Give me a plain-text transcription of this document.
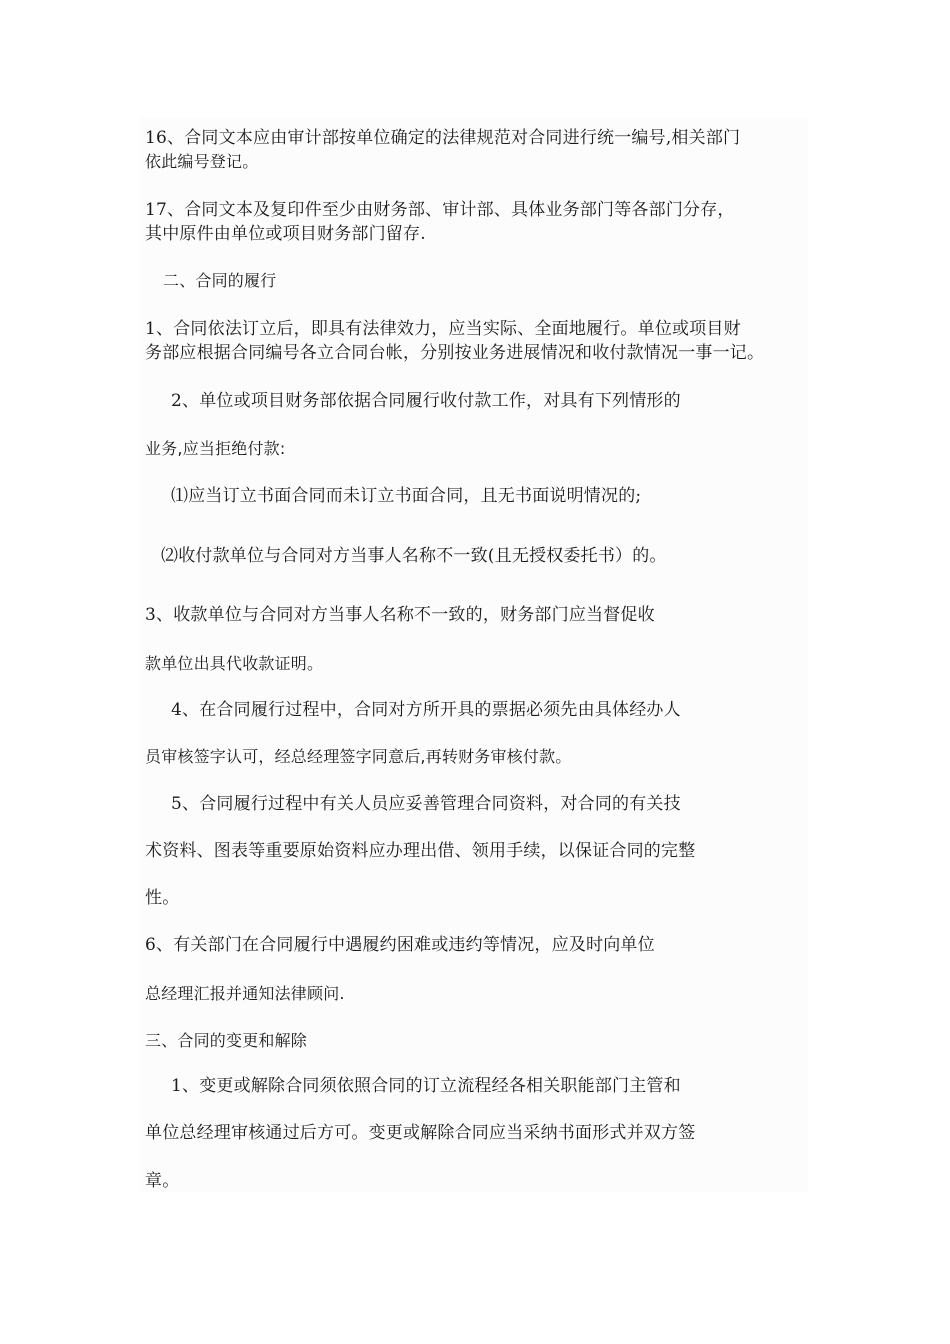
16、合同文本应由审计部按单位确定的法律规范对合同进行统一编号,相关部门
依此编号登记。
17、合同文本及复印件至少由财务部、审计部、具体业务部门等各部门分存，
其中原件由单位或项目财务部门留存.
二、合同的履行
1、合同依法订立后，即具有法律效力，应当实际、全面地履行。单位或项目财
务部应根据合同编号各立合同台帐，分别按业务进展情况和收付款情况一事一记。
2、单位或项目财务部依据合同履行收付款工作，对具有下列情形的
业务,应当拒绝付款:
⑴应当订立书面合同而未订立书面合同，且无书面说明情况的;
⑵收付款单位与合同对方当事人名称不一致(且无授权委托书）的。
3、收款单位与合同对方当事人名称不一致的，财务部门应当督促收
款单位出具代收款证明。
4、在合同履行过程中，合同对方所开具的票据必须先由具体经办人
员审核签字认可，经总经理签字同意后,再转财务审核付款。
5、合同履行过程中有关人员应妥善管理合同资料，对合同的有关技
术资料、图表等重要原始资料应办理出借、领用手续，以保证合同的完整
性。
6、有关部门在合同履行中遇履约困难或违约等情况，应及时向单位
总经理汇报并通知法律顾问.
三、合同的变更和解除
1、变更或解除合同须依照合同的订立流程经各相关职能部门主管和
单位总经理审核通过后方可。变更或解除合同应当采纳书面形式并双方签
章。
